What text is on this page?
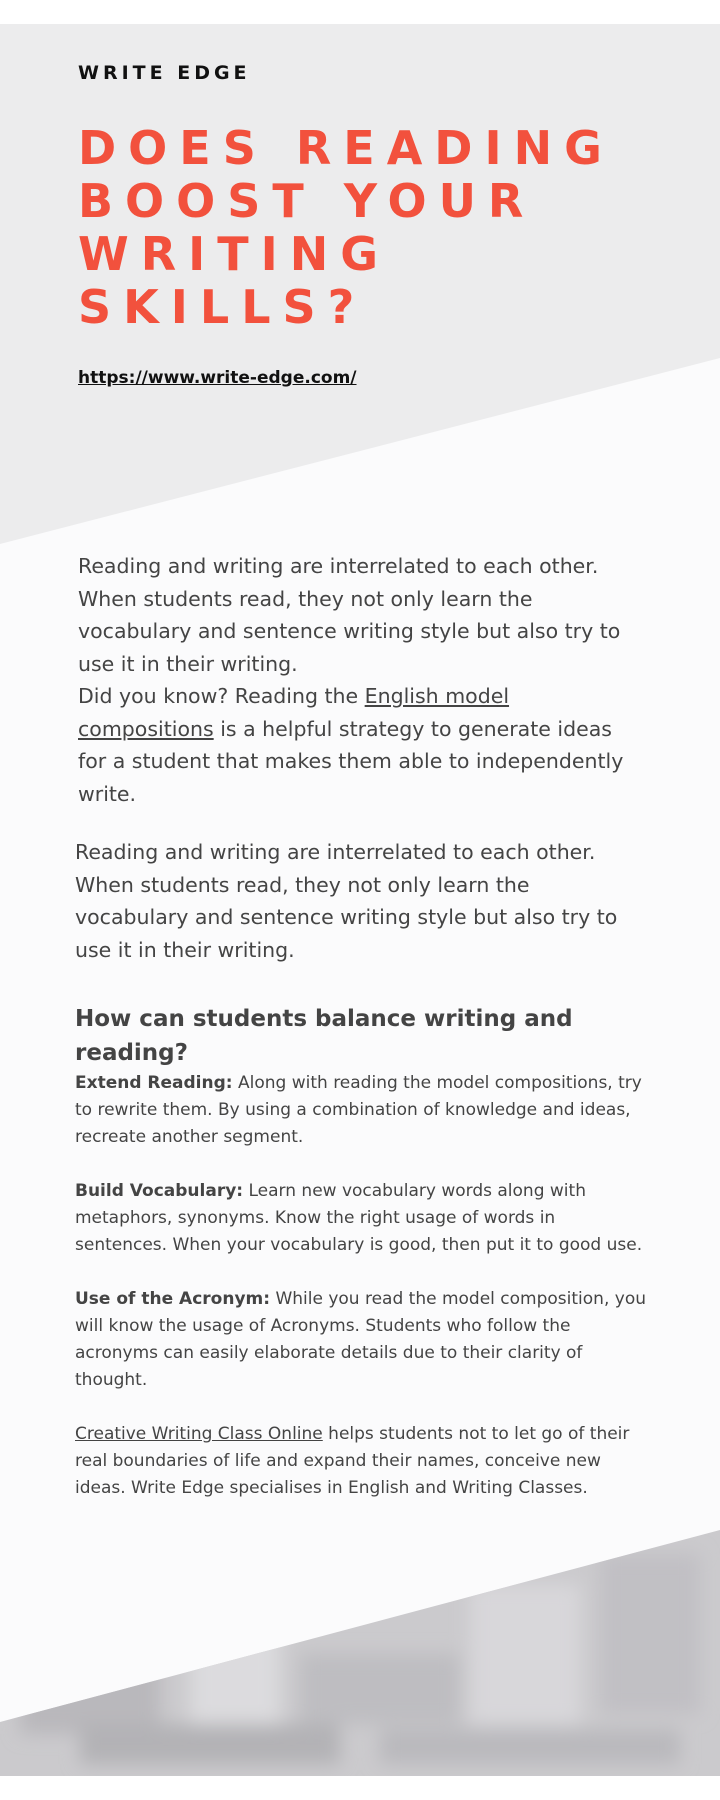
WRITE EDGE
DOES READING
BOOST YOUR
WRITING
SKILLS?
https://www.write-edge.com/

Reading and writing are interrelated to each other. When students read, they not only learn the vocabulary and sentence writing style but also try to use it in their writing.

Did you know? Reading the English model compositions is a helpful strategy to generate ideas for a student that makes them able to independently write.

Reading and writing are interrelated to each other. When students read, they not only learn the vocabulary and sentence writing style but also try to use it in their writing.

How can students balance writing and reading?

Extend Reading: Along with reading the model compositions, try to rewrite them. By using a combination of knowledge and ideas, recreate another segment.

Build Vocabulary: Learn new vocabulary words along with metaphors, synonyms. Know the right usage of words in sentences. When your vocabulary is good, then put it to good use.

Use of the Acronym: While you read the model composition, you will know the usage of Acronyms. Students who follow the acronyms can easily elaborate details due to their clarity of thought.

Creative Writing Class Online helps students not to let go of their real boundaries of life and expand their names, conceive new ideas. Write Edge specialises in English and Writing Classes.
